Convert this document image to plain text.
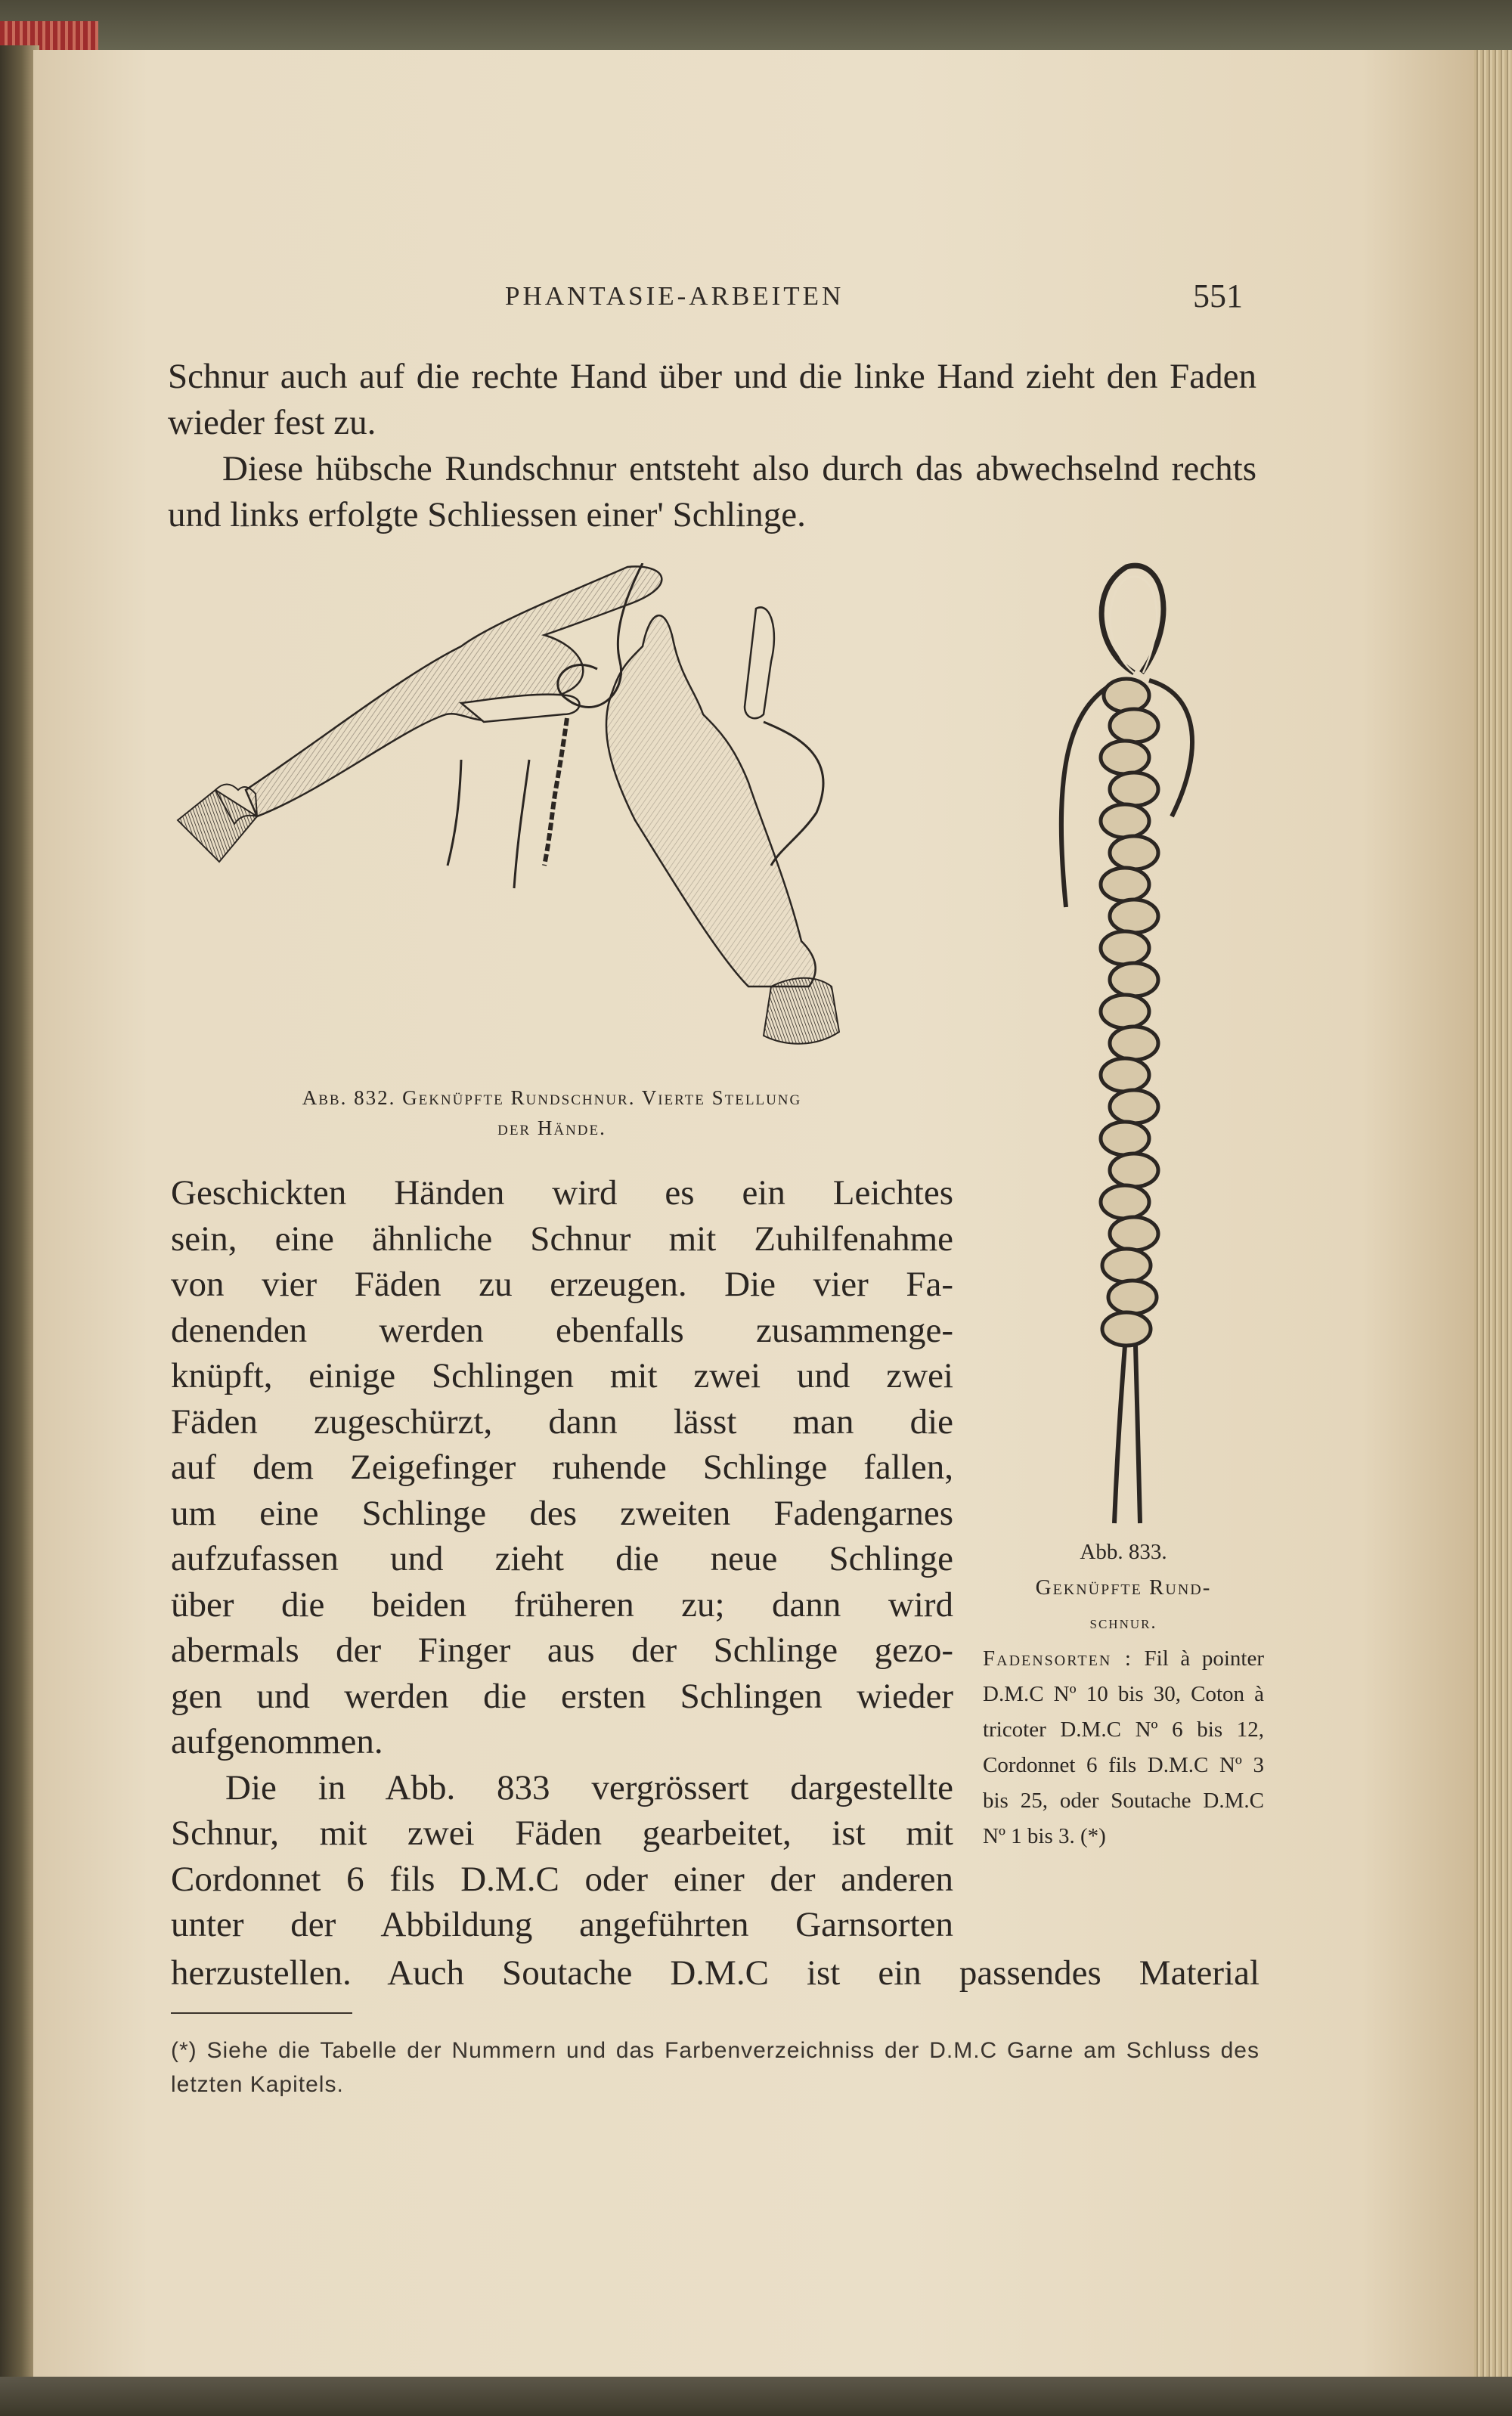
PHANTASIE-ARBEITEN	551

Schnur auch auf die rechte Hand über und die linke Hand zieht den Faden wieder fest zu.

Diese hübsche Rundschnur entsteht also durch das abwechselnd rechts und links erfolgte Schliessen einer' Schlinge.

Abb. 832. Geknüpfte Rundschnur. Vierte Stellung
der Hände.
Geschickten Händen wird es ein Leichtes
sein, eine ähnliche Schnur mit Zuhilfenahme
von vier Fäden zu erzeugen. Die vier Fa-
denenden werden ebenfalls zusammenge-
knüpft, einige Schlingen mit zwei und zwei
Fäden zugeschürzt, dann lässt man die
auf dem Zeigefinger ruhende Schlinge fallen,
um eine Schlinge des zweiten Fadengarnes
aufzufassen und zieht die neue Schlinge
über die beiden früheren zu; dann wird
abermals der Finger aus der Schlinge gezo-
gen und werden die ersten Schlingen wieder
aufgenommen.
Die in Abb. 833 vergrössert dargestellte
Schnur, mit zwei Fäden gearbeitet, ist mit
Cordonnet 6 fils D.M.C oder einer der anderen
unter der Abbildung angeführten Garnsorten
herzustellen. Auch Soutache D.M.C ist ein passendes Material
Abb. 833.
Geknüpfte Rund-
schnur.
Fadensorten : Fil à pointer D.M.C Nº 10 bis 30, Coton à tricoter D.M.C Nº 6 bis 12, Cordonnet 6 fils D.M.C Nº 3 bis 25, oder Soutache D.M.C Nº 1 bis 3. (*)
(*) Siehe die Tabelle der Nummern und das Farbenverzeichniss der D.M.C Garne am Schluss des letzten Kapitels.
